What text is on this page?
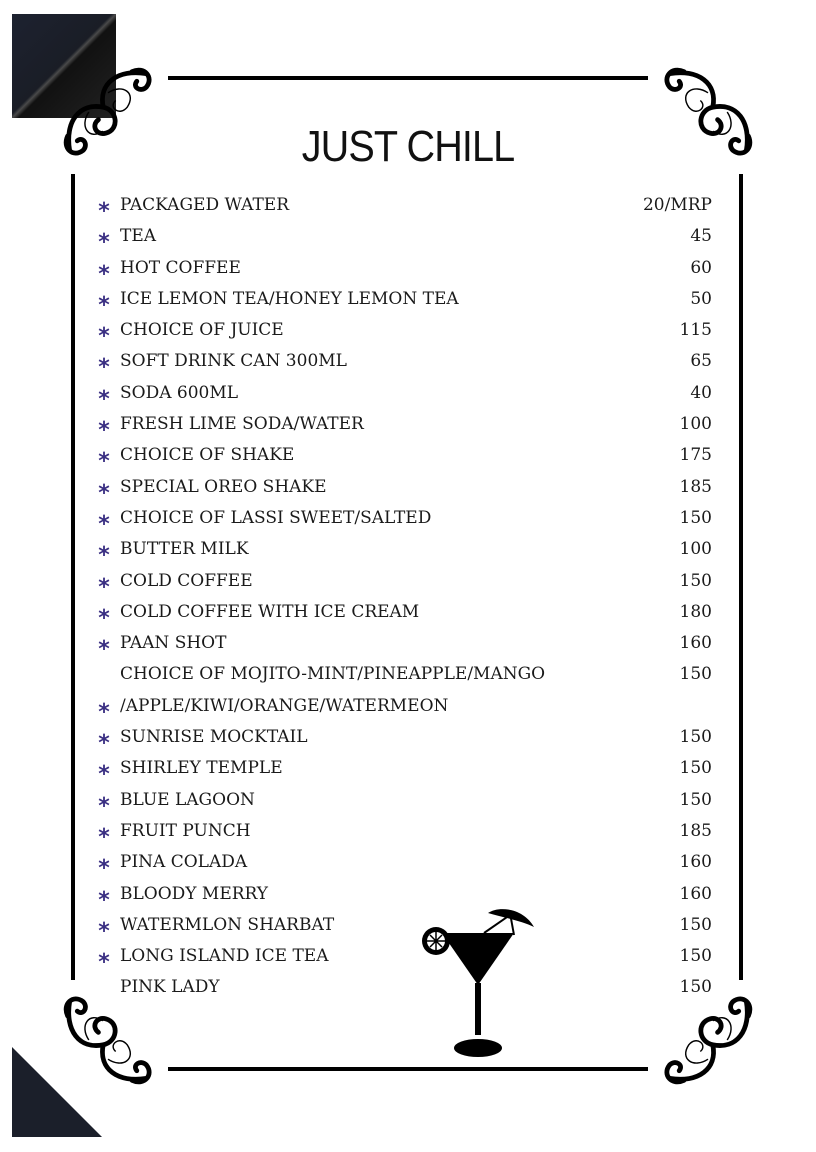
JUST CHILL
* PACKAGED WATER	20/MRP
* TEA	45
* HOT COFFEE	60
* ICE LEMON TEA/HONEY LEMON TEA	50
* CHOICE OF JUICE	115
* SOFT DRINK CAN 300ML	65
* SODA 600ML	40
* FRESH LIME SODA/WATER	100
* CHOICE OF SHAKE	175
* SPECIAL OREO SHAKE	185
* CHOICE OF LASSI SWEET/SALTED	150
* BUTTER MILK	100
* COLD COFFEE	150
* COLD COFFEE WITH ICE CREAM	180
* PAAN SHOT	160
CHOICE OF MOJITO-MINT/PINEAPPLE/MANGO	150
* /APPLE/KIWI/ORANGE/WATERMEON
* SUNRISE MOCKTAIL	150
* SHIRLEY TEMPLE	150
* BLUE LAGOON	150
* FRUIT PUNCH	185
* PINA COLADA	160
* BLOODY MERRY	160
* WATERMLON SHARBAT	150
* LONG ISLAND ICE TEA	150
PINK LADY	150
